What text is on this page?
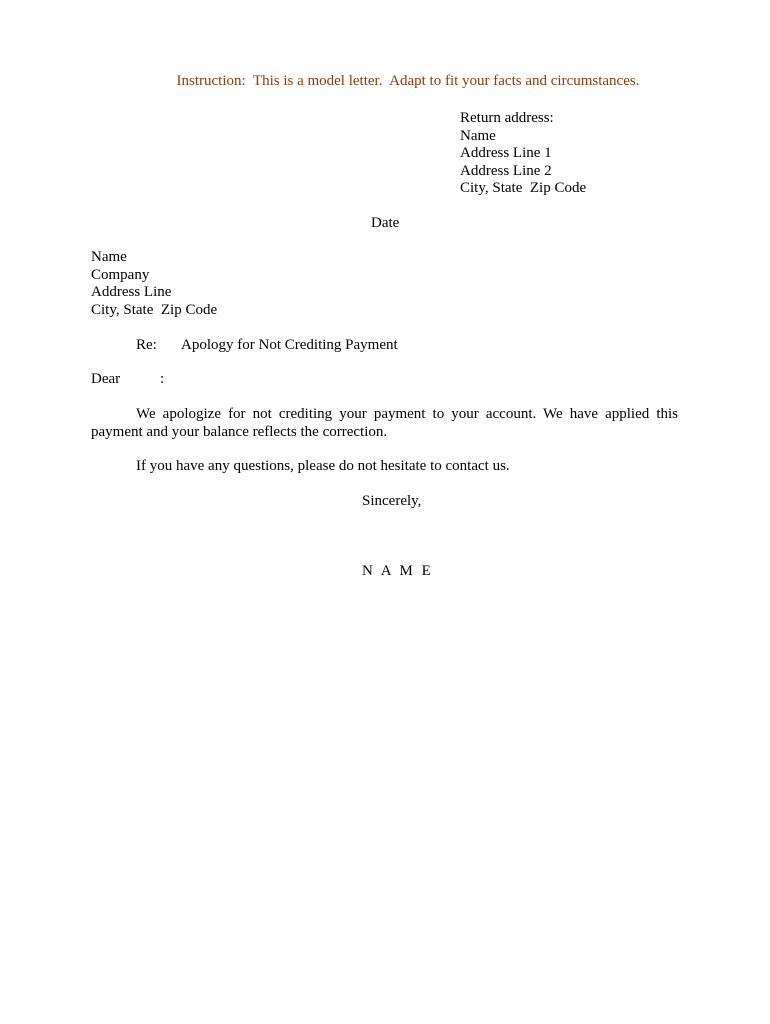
Instruction:  This is a model letter.  Adapt to fit your facts and circumstances.
Return address:
Name
Address Line 1
Address Line 2
City, State  Zip Code
Date
Name
Company
Address Line
City, State  Zip Code
Re: Apology for Not Crediting Payment
Dear	:
We apologize for not crediting your payment to your account. We have applied this payment and your balance reflects the correction.
If you have any questions, please do not hesitate to contact us.
Sincerely,
N A M E
